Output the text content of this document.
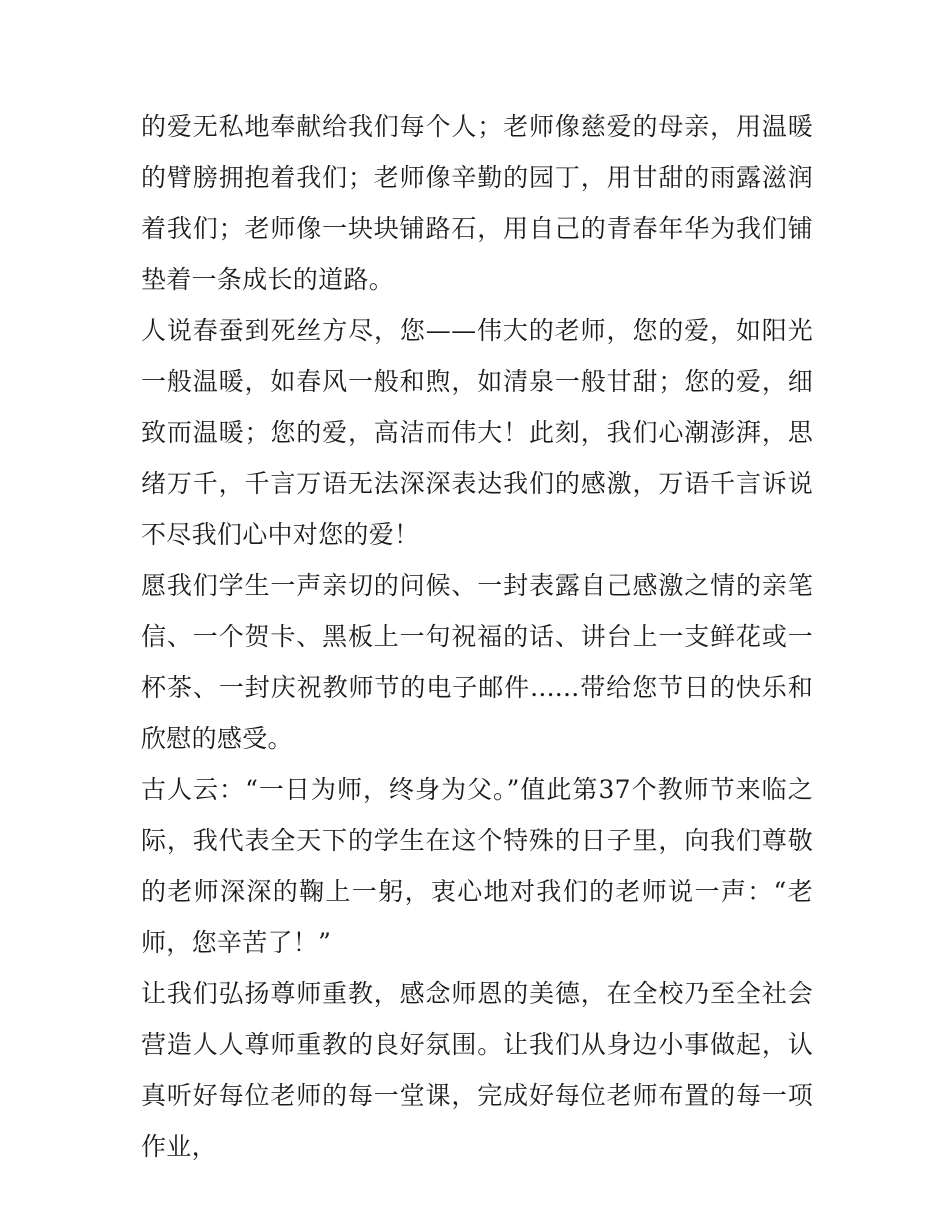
的爱无私地奉献给我们每个人；老师像慈爱的母亲，用温暖的臂膀拥抱着我们；老师像辛勤的园丁，用甘甜的雨露滋润着我们；老师像一块块铺路石，用自己的青春年华为我们铺垫着一条成长的道路。

人说春蚕到死丝方尽，您——伟大的老师，您的爱，如阳光一般温暖，如春风一般和煦，如清泉一般甘甜；您的爱，细致而温暖；您的爱，高洁而伟大！此刻，我们心潮澎湃，思绪万千，千言万语无法深深表达我们的感激，万语千言诉说不尽我们心中对您的爱！

愿我们学生一声亲切的问候、一封表露自己感激之情的亲笔信、一个贺卡、黑板上一句祝福的话、讲台上一支鲜花或一杯茶、一封庆祝教师节的电子邮件......带给您节日的快乐和欣慰的感受。

古人云：“一日为师，终身为父。”值此第37个教师节来临之际，我代表全天下的学生在这个特殊的日子里，向我们尊敬的老师深深的鞠上一躬，衷心地对我们的老师说一声：“老师，您辛苦了！”

让我们弘扬尊师重教，感念师恩的美德，在全校乃至全社会营造人人尊师重教的良好氛围。让我们从身边小事做起，认真听好每位老师的每一堂课，完成好每位老师布置的每一项作业，
